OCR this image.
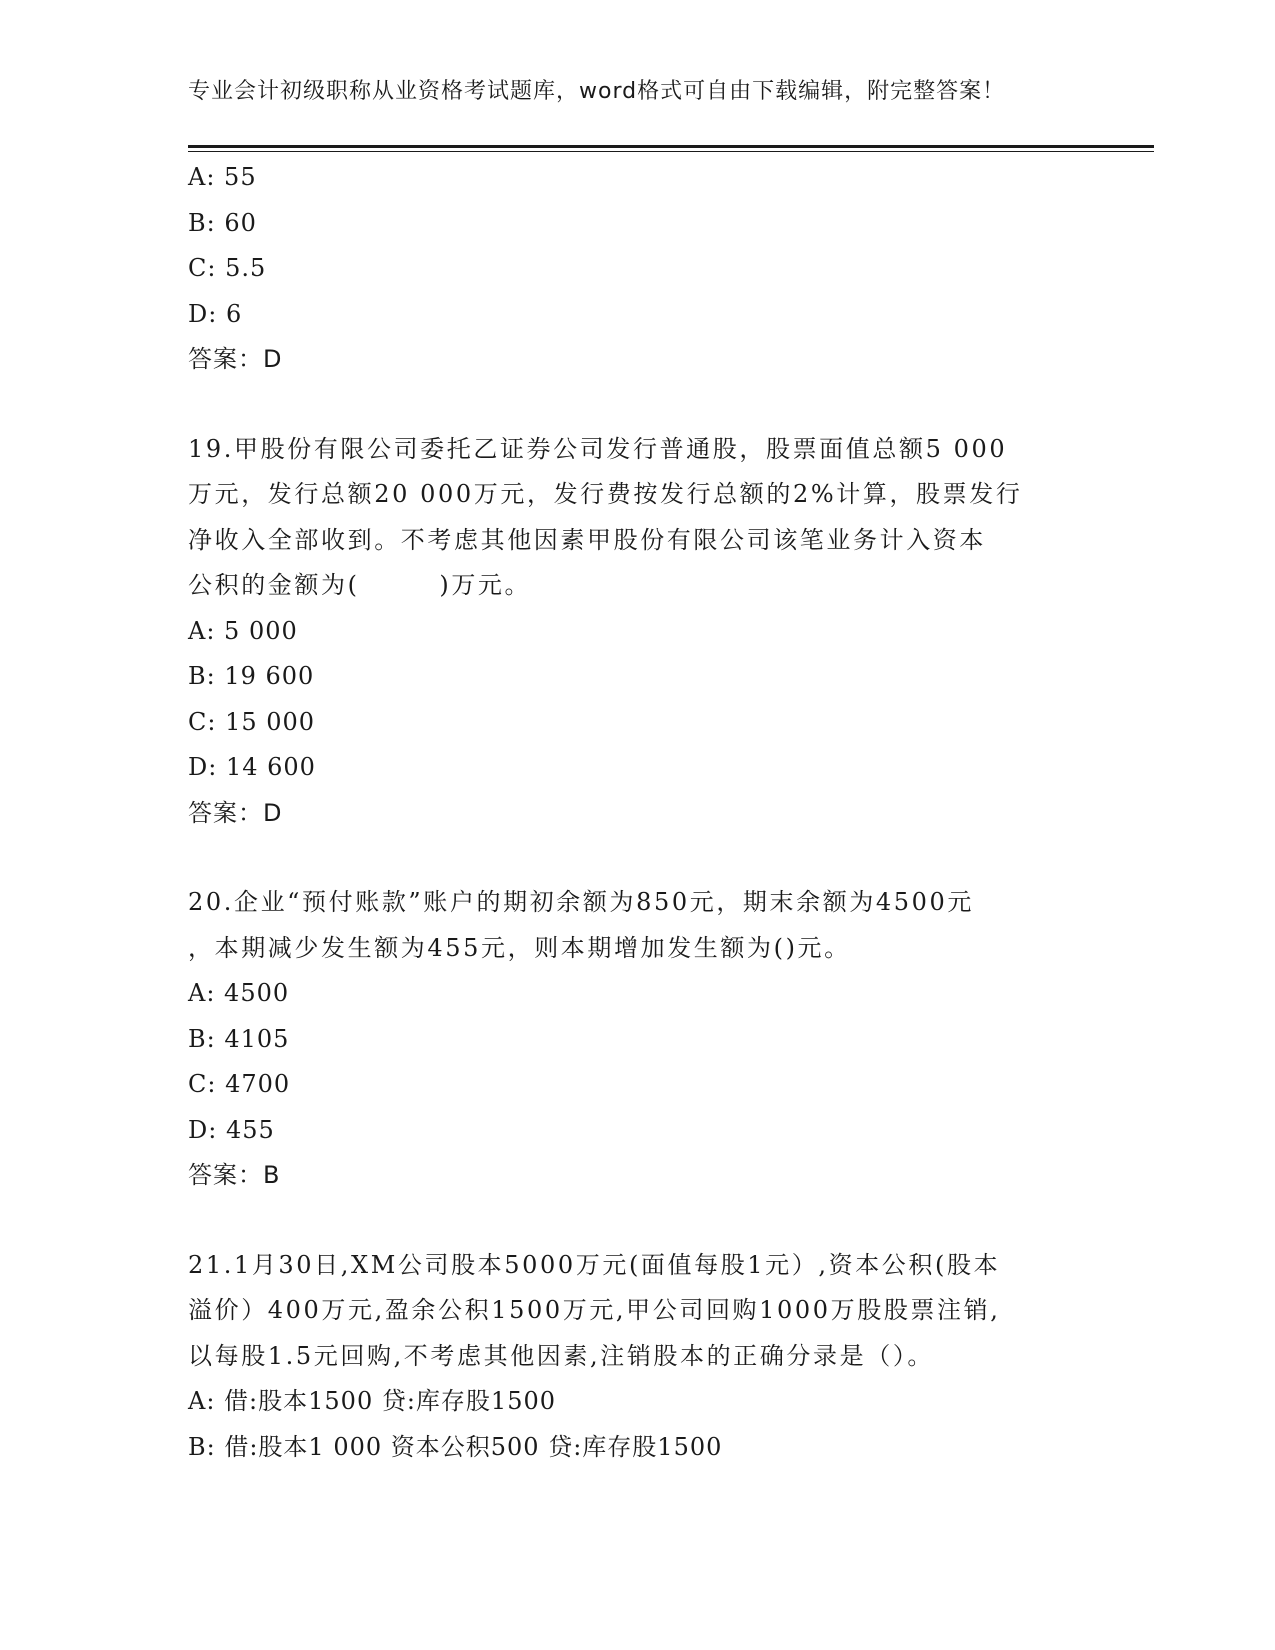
专业会计初级职称从业资格考试题库，word格式可自由下载编辑，附完整答案！
A: 55
B: 60
C: 5.5
D: 6
答案：D
19.甲股份有限公司委托乙证券公司发行普通股，股票面值总额5 000
万元，发行总额20 000万元，发行费按发行总额的2%计算，股票发行
净收入全部收到。不考虑其他因素甲股份有限公司该笔业务计入资本
公积的金额为(　　　)万元。
A: 5 000
B: 19 600
C: 15 000
D: 14 600
答案：D
20.企业“预付账款”账户的期初余额为850元，期末余额为4500元
，本期减少发生额为455元，则本期增加发生额为()元。
A: 4500
B: 4105
C: 4700
D: 455
答案：B
21.1月30日,XM公司股本5000万元(面值每股1元）,资本公积(股本
溢价）400万元,盈余公积1500万元,甲公司回购1000万股股票注销,
以每股1.5元回购,不考虑其他因素,注销股本的正确分录是（）。
A: 借:股本1500 贷:库存股1500
B: 借:股本1 000 资本公积500 贷:库存股1500
